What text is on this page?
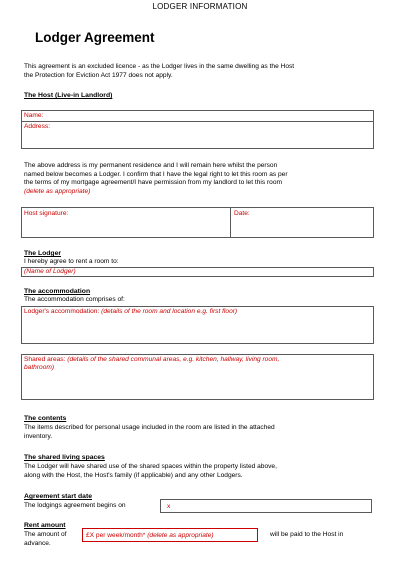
LODGER INFORMATION
Lodger Agreement
This agreement is an excluded licence - as the Lodger lives in the same dwelling as the Host
the Protection for Eviction Act 1977 does not apply.
The Host (Live-in Landlord)
Name:
Address:
The above address is my permanent residence and I will remain here whilst the person
named below becomes a Lodger. I confirm that I have the legal right to let this room as per
the terms of my mortgage agreement/I have permission from my landlord to let this room
(delete as appropriate)
Host signature:	Date:
The Lodger
I hereby agree to rent a room to:
(Name of Lodger)
The accommodation
The accommodation comprises of:
Lodger's accommodation: (details of the room and location e.g. first floor)
Shared areas: (details of the shared communal areas, e.g. kitchen, hallway, living room,
bathroom)
The contents
The items described for personal usage included in the room are listed in the attached
inventory.
The shared living spaces
The Lodger will have shared use of the shared spaces within the property listed above,
along with the Host, the Host's family (if applicable) and any other Lodgers.
Agreement start date
The lodgings agreement begins on	x
Rent amount
The amount of	£X per week/month* (delete as appropriate)	will be paid to the Host in
advance.
